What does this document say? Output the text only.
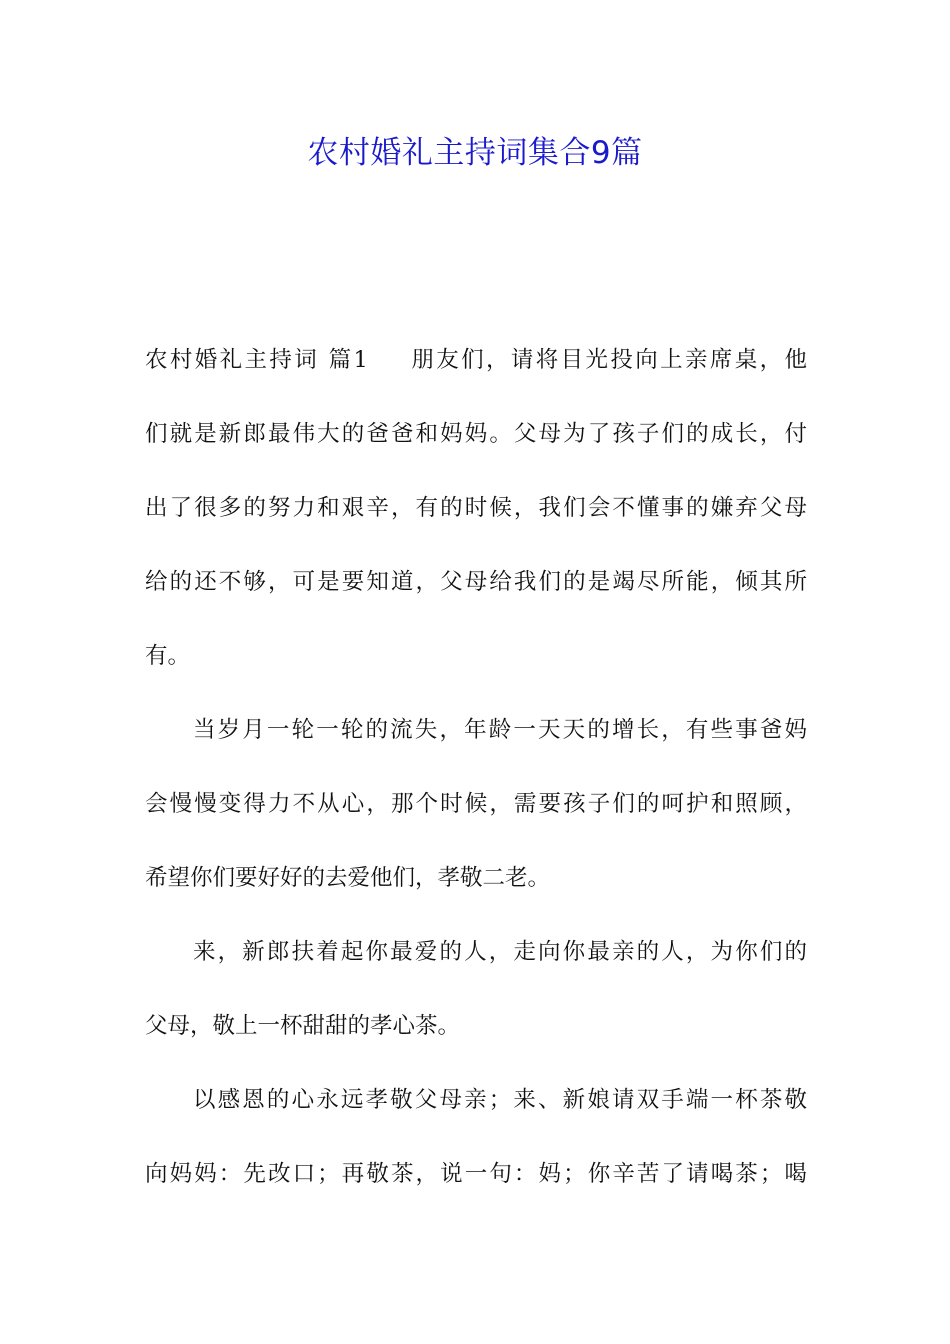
农村婚礼主持词集合9篇
农村婚礼主持词 篇1 朋友们，请将目光投向上亲席桌，他
们就是新郎最伟大的爸爸和妈妈。父母为了孩子们的成长，付
出了很多的努力和艰辛，有的时候，我们会不懂事的嫌弃父母
给的还不够，可是要知道，父母给我们的是竭尽所能，倾其所
有。
当岁月一轮一轮的流失，年龄一天天的增长，有些事爸妈
会慢慢变得力不从心，那个时候，需要孩子们的呵护和照顾，
希望你们要好好的去爱他们，孝敬二老。
来，新郎扶着起你最爱的人，走向你最亲的人，为你们的
父母，敬上一杯甜甜的孝心茶。
以感恩的心永远孝敬父母亲；来、新娘请双手端一杯茶敬
向妈妈：先改口；再敬茶，说一句：妈；你辛苦了请喝茶；喝
